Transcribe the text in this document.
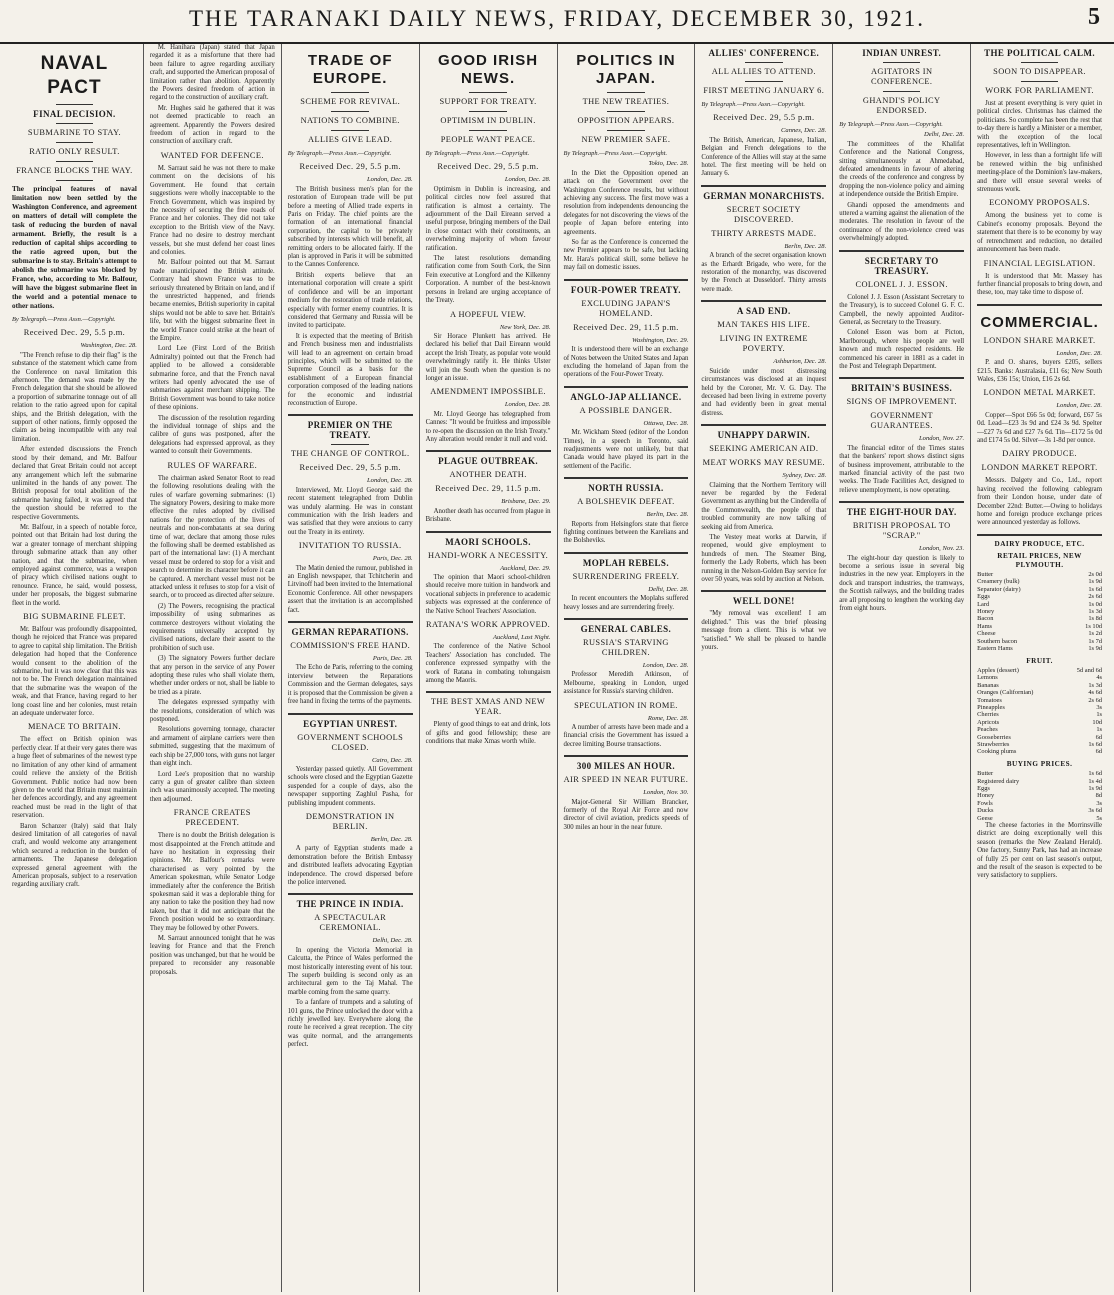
THE TARANAKI DAILY NEWS, FRIDAY, DECEMBER 30, 1921.	5
NAVAL PACT
FINAL DECISION.
SUBMARINE TO STAY.
RATIO ONLY RESULT.
FRANCE BLOCKS THE WAY.
The principal features of naval limitation now been settled by the Washington Conference, and agreement on matters of detail will complete the task of reducing the burden of naval armament. Briefly, the result is a reduction of capital ships according to the ratio agreed upon, but the submarine is to stay. Britain's attempt to abolish the submarine was blocked by France, who, according to Mr. Balfour, will have the biggest submarine fleet in the world and a potential menace to other nations.
By Telegraph.—Press Assn.—Copyright.
Received Dec. 29, 5.5 p.m.
Washington, Dec. 28.

"The French refuse to dip their flag" is the substance of the statement which came from the Conference on naval limitation this afternoon. The demand was made by the French delegation that she should be allowed a proportion of submarine tonnage out of all relation to the ratio agreed upon for capital ships, and the British delegation, with the support of other nations, firmly opposed the claim as being incompatible with any real limitation.

After extended discussions the French stood by their demand, and Mr. Balfour declared that Great Britain could not accept any arrangement which left the submarine unlimited in the hands of any power. The British proposal for total abolition of the submarine having failed, it was agreed that the question should be referred to the respective Governments.

Mr. Balfour, in a speech of notable force, pointed out that Britain had lost during the war a greater tonnage of merchant shipping through submarine attack than any other nation, and that the submarine, when employed against commerce, was a weapon of piracy which civilised nations ought to renounce. France, he said, would possess, under her proposals, the biggest submarine fleet in the world.

BIG SUBMARINE FLEET.

Mr. Balfour was profoundly disappointed, though he rejoiced that France was prepared to agree to capital ship limitation. The British delegation had hoped that the Conference would consent to the abolition of the submarine, but it was now clear that this was not to be. The French delegation maintained that the submarine was the weapon of the weak, and that France, having regard to her long coast line and her colonies, must retain an adequate underwater force.

MENACE TO BRITAIN.

The effect on British opinion was perfectly clear. If at their very gates there was a huge fleet of submarines of the newest type no limitation of any other kind of armament could relieve the anxiety of the British Government. Public notice had now been given to the world that Britain must maintain her defences accordingly, and any agreement reached must be read in the light of that reservation.

Baron Schanzer (Italy) said that Italy desired limitation of all categories of naval craft, and would welcome any arrangement which secured a reduction in the burden of armaments. The Japanese delegation expressed general agreement with the American proposals, subject to a reservation regarding auxiliary craft.

M. Hanihara (Japan) stated that Japan regarded it as a misfortune that there had been failure to agree regarding auxiliary craft, and supported the American proposal of limitation rather than abolition. Apparently the Powers desired freedom of action in regard to the construction of auxiliary craft.

Mr. Hughes said he gathered that it was not deemed practicable to reach an agreement. Apparently the Powers desired freedom of action in regard to the construction of auxiliary craft.

WANTED FOR DEFENCE.

M. Sarraut said he was not there to make comment on the decisions of his Government. He found that certain suggestions were wholly inacceptable to the French Government, which was inspired by the necessity of securing the free roads of France and her colonies. They did not take exception to the British view of the Navy. France had no desire to destroy merchant vessels, but she must defend her coast lines and colonies.

Mr. Balfour pointed out that M. Sarraut made unanticipated the British attitude. Contrary had shown France was to be seriously threatened by Britain on land, and if the unrestricted happened, and friends became enemies, British superiority in capital ships would not be able to save her. Britain's life, but with the biggest submarine fleet in the world France could strike at the heart of the Empire.

Lord Lee (First Lord of the British Admiralty) pointed out that the French had applied to be allowed a considerable submarine force, and that the French naval writers had openly advocated the use of submarines against merchant shipping. The British Government was bound to take notice of these opinions.

The discussion of the resolution regarding the individual tonnage of ships and the calibre of guns was postponed, after the delegations had expressed approval, as they wanted to consult their Governments.

RULES OF WARFARE.

The chairman asked Senator Root to read the following resolutions dealing with the rules of warfare governing submarines: (1) The signatory Powers, desiring to make more effective the rules adopted by civilised nations for the protection of the lives of neutrals and non-combatants at sea during time of war, declare that among those rules the following shall be deemed established as part of the international law: (1) A merchant vessel must be ordered to stop for a visit and search to determine its character before it can be captured. A merchant vessel must not be attacked unless it refuses to stop for a visit of search, or to proceed as directed after seizure.

(2) The Powers, recognising the practical impossibility of using submarines as commerce destroyers without violating the requirements universally accepted by civilised nations, declare their assent to the prohibition of such use.

(3) The signatory Powers further declare that any person in the service of any Power adopting these rules who shall violate them, whether under orders or not, shall be liable to be tried as a pirate.

The delegates expressed sympathy with the resolutions, consideration of which was postponed.

Resolutions governing tonnage, character and armament of airplane carriers were then submitted, suggesting that the maximum of each ship be 27,000 tons, with guns not larger than eight inch.

Lord Lee's proposition that no warship carry a gun of greater calibre than sixteen inch was unanimously accepted. The meeting then adjourned.

FRANCE CREATES PRECEDENT.

There is no doubt the British delegation is most disappointed at the French attitude and have no hesitation in expressing their opinions. Mr. Balfour's remarks were characterised as very pointed by the American spokesman, while Senator Lodge immediately after the conference the British spokesman said it was a deplorable thing for any nation to take the position they had now taken, but that it did not anticipate that the French position would be so extraordinary. They may be followed by other Powers.

M. Sarraut announced tonight that he was leaving for France and that the French position was unchanged, but that he would be prepared to reconsider any reasonable proposals.

TRADE OF EUROPE.
SCHEME FOR REVIVAL.
NATIONS TO COMBINE.
ALLIES GIVE LEAD.
By Telegraph.—Press Assn.—Copyright.
Received Dec. 29, 5.5 p.m.
London, Dec. 28.

The British business men's plan for the restoration of European trade will be put before a meeting of Allied trade experts in Paris on Friday. The chief points are the formation of an international financial corporation, the capital to be privately subscribed by interests which will benefit, all remitting orders to be allocated fairly. If the plan is approved in Paris it will be submitted to the Cannes Conference.

British experts believe that an international corporation will create a spirit of confidence and will be an important medium for the restoration of trade relations, especially with former enemy countries. It is considered that Germany and Russia will be invited to participate.

It is expected that the meeting of British and French business men and industrialists will lead to an agreement on certain broad principles, which will be submitted to the Supreme Council as a basis for the establishment of a European financial corporation composed of the leading nations for the economic and industrial reconstruction of Europe.

PREMIER ON THE TREATY.
THE CHANGE OF CONTROL.
Received Dec. 29, 5.5 p.m.
London, Dec. 28.

Interviewed, Mr. Lloyd George said the recent statement telegraphed from Dublin was unduly alarming. He was in constant communication with the Irish leaders and was satisfied that they were anxious to carry out the Treaty in its entirety.

INVITATION TO RUSSIA.
Paris, Dec. 28.

The Matin denied the rumour, published in an English newspaper, that Tchitcherin and Litvinoff had been invited to the International Economic Conference. All other newspapers assert that the invitation is an accomplished fact.

GERMAN REPARATIONS.
COMMISSION'S FREE HAND.
Paris, Dec. 28.

The Echo de Paris, referring to the coming interview between the Reparations Commission and the German delegates, says it is proposed that the Commission be given a free hand in fixing the terms of the payments.

EGYPTIAN UNREST.
GOVERNMENT SCHOOLS CLOSED.
Cairo, Dec. 28.

Yesterday passed quietly. All Government schools were closed and the Egyptian Gazette suspended for a couple of days, also the newspaper supporting Zaghlul Pasha, for publishing impudent comments.

DEMONSTRATION IN BERLIN.
Berlin, Dec. 28.

A party of Egyptian students made a demonstration before the British Embassy and distributed leaflets advocating Egyptian independence. The crowd dispersed before the police intervened.

THE PRINCE IN INDIA.
A SPECTACULAR CEREMONIAL.
Delhi, Dec. 28.

In opening the Victoria Memorial in Calcutta, the Prince of Wales performed the most historically interesting event of his tour. The superb building is second only as an architectural gem to the Taj Mahal. The marble coming from the same quarry.

To a fanfare of trumpets and a saluting of 101 guns, the Prince unlocked the door with a richly jewelled key. Everywhere along the route he received a great reception. The city was quite normal, and the arrangements perfect.

GOOD IRISH NEWS.
SUPPORT FOR TREATY.
OPTIMISM IN DUBLIN.
PEOPLE WANT PEACE.
By Telegraph.—Press Assn.—Copyright.
Received Dec. 29, 5.5 p.m.
London, Dec. 28.

Optimism in Dublin is increasing, and political circles now feel assured that ratification is almost a certainty. The adjournment of the Dail Eireann served a useful purpose, bringing members of the Dail in close contact with their constituents, an overwhelming majority of whom favour ratification.

The latest resolutions demanding ratification come from South Cork, the Sinn Fein executive at Longford and the Kilkenny Corporation. A number of the best-known persons in Ireland are urging acceptance of the Treaty.

A HOPEFUL VIEW.
New York, Dec. 28.

Sir Horace Plunkett has arrived. He declared his belief that Dail Eireann would accept the Irish Treaty, as popular vote would overwhelmingly ratify it. He thinks Ulster will join the South when the question is no longer an issue.

AMENDMENT IMPOSSIBLE.
London, Dec. 28.

Mr. Lloyd George has telegraphed from Cannes: "It would be fruitless and impossible to re-open the discussion on the Irish Treaty." Any alteration would render it null and void.

PLAGUE OUTBREAK.
ANOTHER DEATH.
Received Dec. 29, 11.5 p.m.
Brisbane, Dec. 29.

Another death has occurred from plague in Brisbane.

MAORI SCHOOLS.
HANDI-WORK A NECESSITY.
Auckland, Dec. 29.

The opinion that Maori school-children should receive more tuition in handwork and vocational subjects in preference to academic subjects was expressed at the conference of the Native School Teachers' Association.

RATANA'S WORK APPROVED.
Auckland, Last Night.

The conference of the Native School Teachers' Association has concluded. The conference expressed sympathy with the work of Ratana in combating tohungaism among the Maoris.

THE BEST XMAS AND NEW YEAR.

Plenty of good things to eat and drink, lots of gifts and good fellowship; these are conditions that make Xmas worth while.

POLITICS IN JAPAN.
THE NEW TREATIES.
OPPOSITION APPEARS.
NEW PREMIER SAFE.
By Telegraph.—Press Assn.—Copyright.
Tokio, Dec. 28.

In the Diet the Opposition opened an attack on the Government over the Washington Conference results, but without achieving any success. The first move was a resolution from independents denouncing the delegates for not discovering the views of the people of Japan before entering into agreements.

So far as the Conference is concerned the new Premier appears to be safe, but lacking Mr. Hara's political skill, some believe he may fail on domestic issues.

FOUR-POWER TREATY.
EXCLUDING JAPAN'S HOMELAND.
Received Dec. 29, 11.5 p.m.
Washington, Dec. 29.

It is understood there will be an exchange of Notes between the United States and Japan excluding the homeland of Japan from the operations of the Four-Power Treaty.

ANGLO-JAP ALLIANCE.
A POSSIBLE DANGER.
Ottawa, Dec. 28.

Mr. Wickham Steed (editor of the London Times), in a speech in Toronto, said readjustments were not unlikely, but that Canada would have played its part in the settlement of the Pacific.

NORTH RUSSIA.
A BOLSHEVIK DEFEAT.
Berlin, Dec. 28.

Reports from Helsingfors state that fierce fighting continues between the Karelians and the Bolsheviks.

MOPLAH REBELS.
SURRENDERING FREELY.
Delhi, Dec. 28.

In recent encounters the Moplahs suffered heavy losses and are surrendering freely.

GENERAL CABLES.
RUSSIA'S STARVING CHILDREN.
London, Dec. 28.

Professor Meredith Atkinson, of Melbourne, speaking in London, urged assistance for Russia's starving children.

SPECULATION IN ROME.
Rome, Dec. 28.

A number of arrests have been made and a financial crisis the Government has issued a decree limiting Bourse transactions.

300 MILES AN HOUR.
AIR SPEED IN NEAR FUTURE.
London, Nov. 30.

Major-General Sir William Brancker, formerly of the Royal Air Force and now director of civil aviation, predicts speeds of 300 miles an hour in the near future.

ALLIES' CONFERENCE.
ALL ALLIES TO ATTEND.
FIRST MEETING JANUARY 6.
By Telegraph.—Press Assn.—Copyright.
Received Dec. 29, 5.5 p.m.
Cannes, Dec. 28.

The British, American, Japanese, Italian, Belgian and French delegations to the Conference of the Allies will stay at the same hotel. The first meeting will be held on January 6.

GERMAN MONARCHISTS.
SECRET SOCIETY DISCOVERED.
THIRTY ARRESTS MADE.
Berlin, Dec. 28.

A branch of the secret organisation known as the Erhardt Brigade, who were, for the restoration of the monarchy, was discovered by the French at Dusseldorf. Thirty arrests were made.

A SAD END.
MAN TAKES HIS LIFE.
LIVING IN EXTREME POVERTY.
Ashburton, Dec. 28.

Suicide under most distressing circumstances was disclosed at an inquest held by the Coroner, Mr. V. G. Day. The deceased had been living in extreme poverty and had evidently been in great mental distress.

UNHAPPY DARWIN.
SEEKING AMERICAN AID.
MEAT WORKS MAY RESUME.
Sydney, Dec. 28.

Claiming that the Northern Territory will never be regarded by the Federal Government as anything but the Cinderella of the Commonwealth, the people of that troubled community are now talking of seeking aid from America.

The Vestey meat works at Darwin, if reopened, would give employment to hundreds of men. The Steamer Bing, formerly the Lady Roberts, which has been running in the Nelson-Golden Bay service for over 50 years, was sold by auction at Nelson.

WELL DONE!

"My removal was excellent! I am delighted." This was the brief pleasing message from a client. This is what we "satisfied." We shall be pleased to handle yours.

INDIAN UNREST.
AGITATORS IN CONFERENCE.
GHANDI'S POLICY ENDORSED.
By Telegraph.—Press Assn.—Copyright.
Delhi, Dec. 28.

The committees of the Khalifat Conference and the National Congress, sitting simultaneously at Ahmedabad, defeated amendments in favour of altering the creeds of the conference and congress by dropping the non-violence policy and aiming at independence outside the British Empire.

Ghandi opposed the amendments and uttered a warning against the alienation of the moderates. The resolution in favour of the continuance of the non-violence creed was overwhelmingly adopted.

SECRETARY TO TREASURY.
COLONEL J. J. ESSON.

Colonel J. J. Esson (Assistant Secretary to the Treasury), is to succeed Colonel G. F. C. Campbell, the newly appointed Auditor-General, as Secretary to the Treasury.

Colonel Esson was born at Picton, Marlborough, where his people are well known and much respected residents. He commenced his career in 1881 as a cadet in the Post and Telegraph Department.

BRITAIN'S BUSINESS.
SIGNS OF IMPROVEMENT.
GOVERNMENT GUARANTEES.
London, Nov. 27.

The financial editor of the Times states that the bankers' report shows distinct signs of business improvement, attributable to the marked financial activity of the past two weeks. The Trade Facilities Act, designed to relieve unemployment, is now operating.

THE EIGHT-HOUR DAY.
BRITISH PROPOSAL TO "SCRAP."
London, Nov. 23.

The eight-hour day question is likely to become a serious issue in several big industries in the new year. Employers in the dock and transport industries, the tramways, the Scottish railways, and the building trades are all proposing to lengthen the working day from eight hours.

THE POLITICAL CALM.
SOON TO DISAPPEAR.
WORK FOR PARLIAMENT.

Just at present everything is very quiet in political circles. Christmas has claimed the politicians. So complete has been the rest that to-day there is hardly a Minister or a member, with the exception of the local representatives, left in Wellington.

However, in less than a fortnight life will be renewed within the big unfinished meeting-place of the Dominion's law-makers, and there will ensue several weeks of strenuous work.

ECONOMY PROPOSALS.

Among the business yet to come is Cabinet's economy proposals. Beyond the statement that there is to be economy by way of retrenchment and reduction, no detailed announcement has been made.

FINANCIAL LEGISLATION.

It is understood that Mr. Massey has further financial proposals to bring down, and these, too, may take time to dispose of.

COMMERCIAL.
LONDON SHARE MARKET.
London, Dec. 28.

P. and O. shares, buyers £205, sellers £215. Banks: Australasia, £11 6s; New South Wales, £36 15s; Union, £16 2s 6d.

LONDON METAL MARKET.
London, Dec. 28.

Copper—Spot £66 5s 0d; forward, £67 5s 0d. Lead—£23 3s 9d and £24 3s 9d. Spelter—£27 7s 6d and £27 7s 6d. Tin—£172 5s 0d and £174 5s 0d. Silver—3s 1-8d per ounce.

DAIRY PRODUCE.
LONDON MARKET REPORT.

Messrs. Dalgety and Co., Ltd., report having received the following cablegram from their London house, under date of December 22nd: Butter.—Owing to holidays home and foreign produce exchange prices were announced yesterday as follows.

DAIRY PRODUCE, ETC.
RETAIL PRICES, NEW PLYMOUTH.
Butter	2s 0d
Creamery (bulk)	1s 9d
Separator (dairy)	1s 6d
Eggs	2s 6d
Lard	1s 0d
Honey	1s 3d
Bacon	1s 8d
Hams	1s 10d
Cheese	1s 2d
Southern bacon	1s 7d
Eastern Hams	1s 9d
FRUIT.
Apples (dessert)	5d and 6d
Lemons	4s
Bananas	1s 3d
Oranges (Californian)	4s 6d
Tomatoes	2s 6d
Pineapples	3s
Cherries	1s
Apricots	10d
Peaches	1s
Gooseberries	6d
Strawberries	1s 6d
Cooking plums	6d
BUYING PRICES.
Butter	1s 6d
Registered dairy	1s 4d
Eggs	1s 9d
Honey	8d
Fowls	3s
Ducks	3s 6d
Geese	5s

The cheese factories in the Morrinsville district are doing exceptionally well this season (remarks the New Zealand Herald). One factory, Sunny Park, has had an increase of fully 25 per cent on last season's output, and the result of the season is expected to be very satisfactory to suppliers.
